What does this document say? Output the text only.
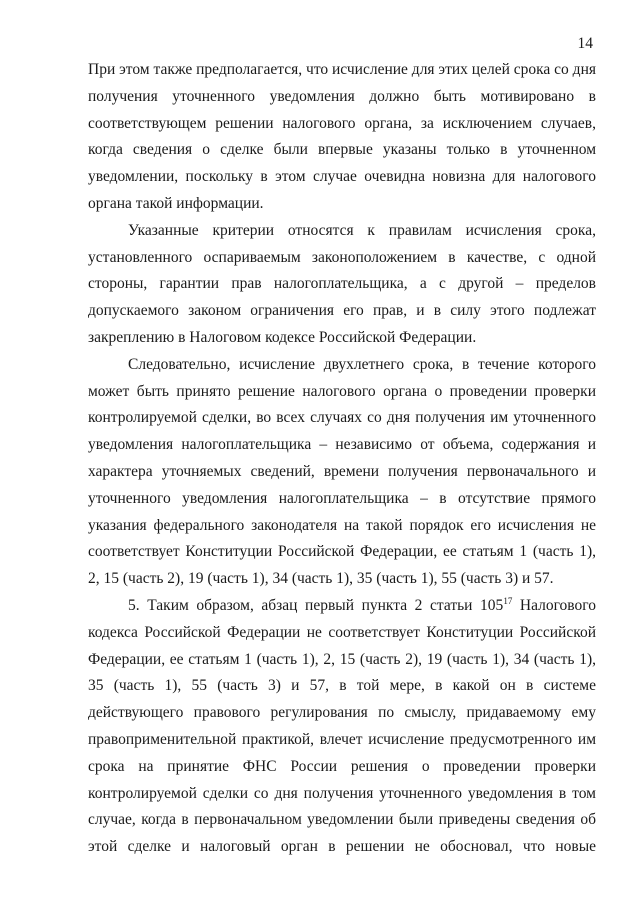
14
При этом также предполагается, что исчисление для этих целей срока со дня
получения уточненного уведомления должно быть мотивировано в
соответствующем решении налогового органа, за исключением случаев,
когда сведения о сделке были впервые указаны только в уточненном
уведомлении, поскольку в этом случае очевидна новизна для налогового
органа такой информации.
Указанные критерии относятся к правилам исчисления срока,
установленного оспариваемым законоположением в качестве, с одной
стороны, гарантии прав налогоплательщика, а с другой – пределов
допускаемого законом ограничения его прав, и в силу этого подлежат
закреплению в Налоговом кодексе Российской Федерации.
Следовательно, исчисление двухлетнего срока, в течение которого
может быть принято решение налогового органа о проведении проверки
контролируемой сделки, во всех случаях со дня получения им уточненного
уведомления налогоплательщика – независимо от объема, содержания и
характера уточняемых сведений, времени получения первоначального и
уточненного уведомления налогоплательщика – в отсутствие прямого
указания федерального законодателя на такой порядок его исчисления не
соответствует Конституции Российской Федерации, ее статьям 1 (часть 1),
2, 15 (часть 2), 19 (часть 1), 34 (часть 1), 35 (часть 1), 55 (часть 3) и 57.
5. Таким образом, абзац первый пункта 2 статьи $105^{17}$ Налогового
кодекса Российской Федерации не соответствует Конституции Российской
Федерации, ее статьям 1 (часть 1), 2, 15 (часть 2), 19 (часть 1), 34 (часть 1),
35 (часть 1), 55 (часть 3) и 57, в той мере, в какой он в системе
действующего правового регулирования по смыслу, придаваемому ему
правоприменительной практикой, влечет исчисление предусмотренного им
срока на принятие ФНС России решения о проведении проверки
контролируемой сделки со дня получения уточненного уведомления в том
случае, когда в первоначальном уведомлении были приведены сведения об
этой сделке и налоговый орган в решении не обосновал, что новые
